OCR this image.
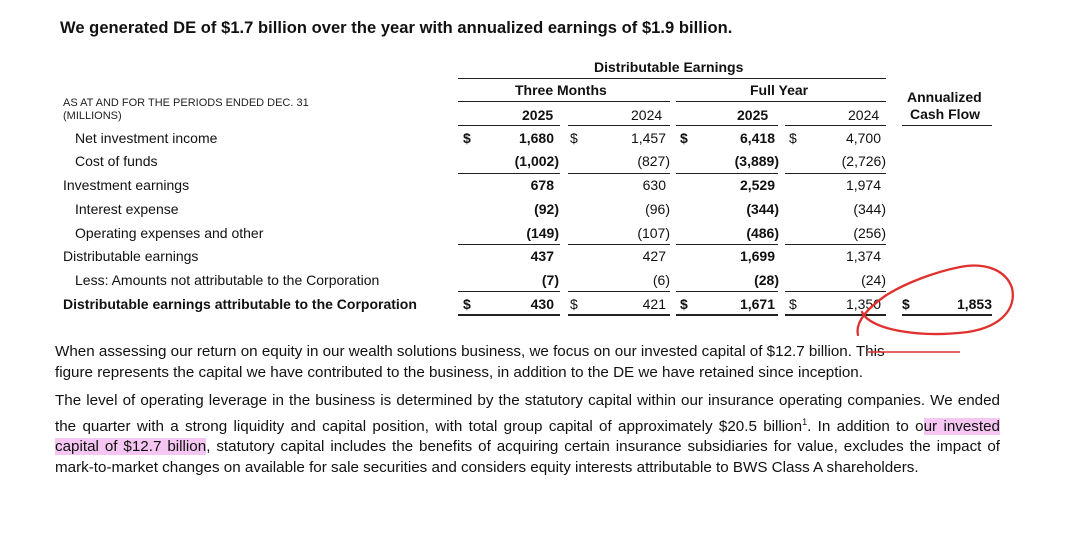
We generated DE of $1.7 billion over the year with annualized earnings of $1.9 billion.
Distributable Earnings
Three Months	Full Year	Annualized
Cash Flow
AS AT AND FOR THE PERIODS ENDED DEC. 31
(MILLIONS)	2025	2024	2025	2024
Net investment income	$	1,680 $	1,457 $	6,418 $	4,700
Cost of funds	(1,002)	(827)	(3,889)	(2,726)
Investment earnings	678	630	2,529	1,974
Interest expense	(92)	(96)	(344)	(344)
Operating expenses and other	(149)	(107)	(486)	(256)
Distributable earnings	437	427	1,699	1,374
Less: Amounts not attributable to the Corporation	(7)	(6)	(28)	(24)
Distributable earnings attributable to the Corporation	$	430 $	421 $	1,671 $	1,350 $	1,853
When assessing our return on equity in our wealth solutions business, we focus on our invested capital of $12.7 billion. This
figure represents the capital we have contributed to the business, in addition to the DE we have retained since inception.
The level of operating leverage in the business is determined by the statutory capital within our insurance operating companies. We ended the quarter with a strong liquidity and capital position, with total group capital of approximately $20.5 billion$^1$. In addition to our invested capital of $12.7 billion, statutory capital includes the benefits of acquiring certain insurance subsidiaries for value, excludes the impact of mark-to-market changes on available for sale securities and considers equity interests attributable to BWS Class A shareholders.
